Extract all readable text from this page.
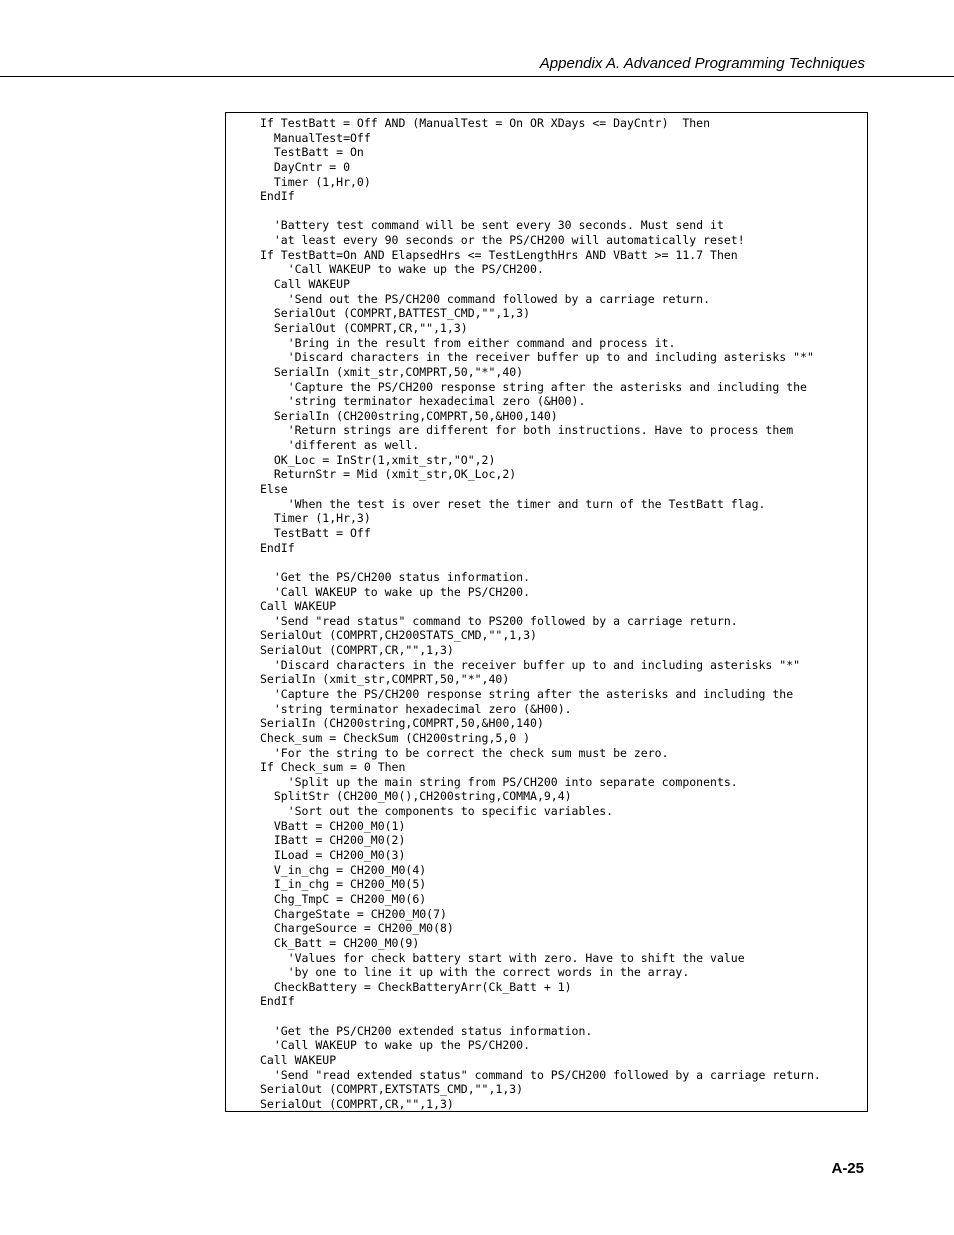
Appendix A. Advanced Programming Techniques
If TestBatt = Off AND (ManualTest = On OR XDays <= DayCntr)  Then
ManualTest=Off
TestBatt = On
DayCntr = 0
Timer (1,Hr,0)
EndIf
'Battery test command will be sent every 30 seconds. Must send it
'at least every 90 seconds or the PS/CH200 will automatically reset!
If TestBatt=On AND ElapsedHrs <= TestLengthHrs AND VBatt >= 11.7 Then
'Call WAKEUP to wake up the PS/CH200.
Call WAKEUP
'Send out the PS/CH200 command followed by a carriage return.
SerialOut (COMPRT,BATTEST_CMD,"",1,3)
SerialOut (COMPRT,CR,"",1,3)
'Bring in the result from either command and process it.
'Discard characters in the receiver buffer up to and including asterisks "*"
SerialIn (xmit_str,COMPRT,50,"*",40)
'Capture the PS/CH200 response string after the asterisks and including the
'string terminator hexadecimal zero (&H00).
SerialIn (CH200string,COMPRT,50,&H00,140)
'Return strings are different for both instructions. Have to process them
'different as well.
OK_Loc = InStr(1,xmit_str,"O",2)
ReturnStr = Mid (xmit_str,OK_Loc,2)
Else
'When the test is over reset the timer and turn of the TestBatt flag.
Timer (1,Hr,3)
TestBatt = Off
EndIf
'Get the PS/CH200 status information.
'Call WAKEUP to wake up the PS/CH200.
Call WAKEUP
'Send "read status" command to PS200 followed by a carriage return.
SerialOut (COMPRT,CH200STATS_CMD,"",1,3)
SerialOut (COMPRT,CR,"",1,3)
'Discard characters in the receiver buffer up to and including asterisks "*"
SerialIn (xmit_str,COMPRT,50,"*",40)
'Capture the PS/CH200 response string after the asterisks and including the
'string terminator hexadecimal zero (&H00).
SerialIn (CH200string,COMPRT,50,&H00,140)
Check_sum = CheckSum (CH200string,5,0 )
'For the string to be correct the check sum must be zero.
If Check_sum = 0 Then
'Split up the main string from PS/CH200 into separate components.
SplitStr (CH200_M0(),CH200string,COMMA,9,4)
'Sort out the components to specific variables.
VBatt = CH200_M0(1)
IBatt = CH200_M0(2)
ILoad = CH200_M0(3)
V_in_chg = CH200_M0(4)
I_in_chg = CH200_M0(5)
Chg_TmpC = CH200_M0(6)
ChargeState = CH200_M0(7)
ChargeSource = CH200_M0(8)
Ck_Batt = CH200_M0(9)
'Values for check battery start with zero. Have to shift the value
'by one to line it up with the correct words in the array.
CheckBattery = CheckBatteryArr(Ck_Batt + 1)
EndIf
'Get the PS/CH200 extended status information.
'Call WAKEUP to wake up the PS/CH200.
Call WAKEUP
'Send "read extended status" command to PS/CH200 followed by a carriage return.
SerialOut (COMPRT,EXTSTATS_CMD,"",1,3)
SerialOut (COMPRT,CR,"",1,3)
A-25
